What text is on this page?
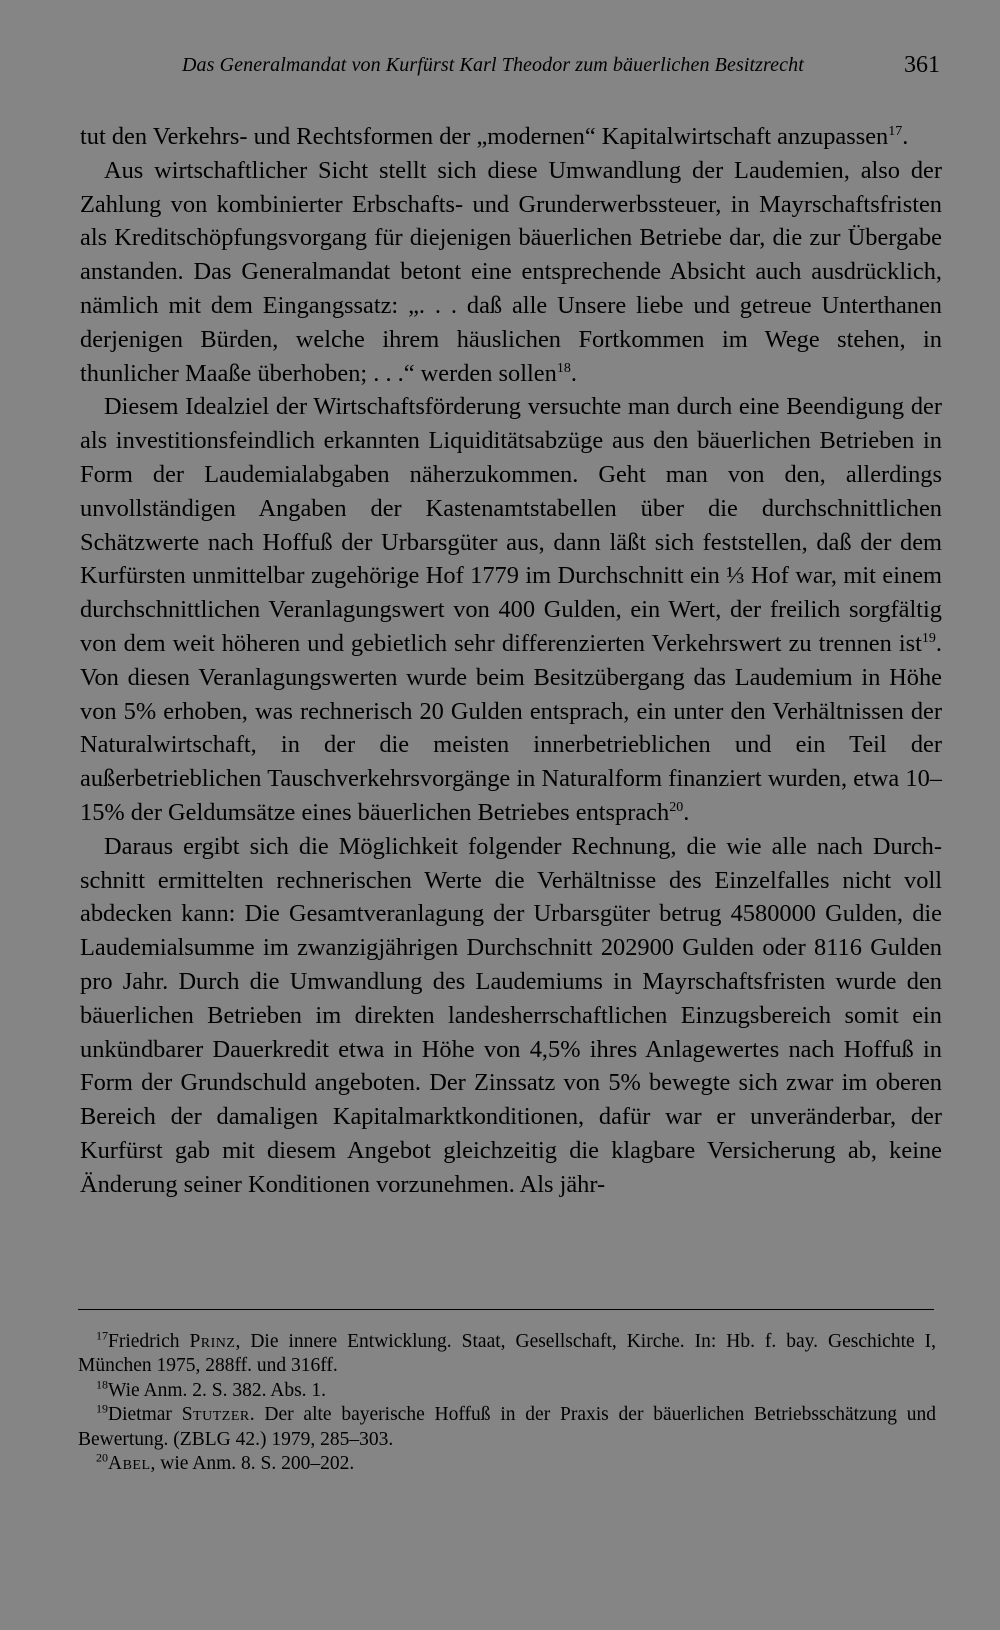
Das Generalmandat von Kurfürst Karl Theodor zum bäuerlichen Besitzrecht	361

tut den Verkehrs- und Rechtsformen der „modernen“ Kapitalwirtschaft anzupassen$^{17}$.

Aus wirtschaftlicher Sicht stellt sich diese Umwandlung der Laudemien, also der Zahlung von kombinierter Erbschafts- und Grunderwerbssteuer, in Mayrschaftsfristen als Kreditschöpfungsvorgang für diejenigen bäuerlichen Betriebe dar, die zur Übergabe anstanden. Das Generalmandat betont eine entsprechende Absicht auch ausdrücklich, nämlich mit dem Eingangssatz: „. . . daß alle Unsere liebe und getreue Unterthanen derjenigen Bürden, welche ihrem häuslichen Fortkommen im Wege stehen, in thunlicher Maaße überhoben; . . .“ werden sollen$^{18}$.

Diesem Idealziel der Wirtschaftsförderung versuchte man durch eine Beendigung der als investitionsfeindlich erkannten Liquiditätsabzüge aus den bäuerlichen Betrieben in Form der Laudemialabgaben näherzukommen. Geht man von den, allerdings unvollständigen Angaben der Kastenamtstabellen über die durchschnittlichen Schätzwerte nach Hoffuß der Urbarsgüter aus, dann läßt sich feststellen, daß der dem Kurfürsten unmittelbar zugehörige Hof 1779 im Durchschnitt ein ⅓ Hof war, mit einem durchschnittlichen Veranlagungswert von 400 Gulden, ein Wert, der freilich sorgfältig von dem weit höheren und gebietlich sehr differenzierten Verkehrswert zu trennen ist$^{19}$. Von diesen Veranlagungswerten wurde beim Besitzübergang das Laudemium in Höhe von 5% erhoben, was rechnerisch 20 Gulden entsprach, ein unter den Verhältnissen der Naturalwirtschaft, in der die meisten innerbetrieblichen und ein Teil der außerbetrieblichen Tauschverkehrsvorgänge in Naturalform finanziert wurden, etwa 10–15% der Geldumsätze eines bäuerlichen Betriebes entsprach$^{20}$.

Daraus ergibt sich die Möglichkeit folgender Rechnung, die wie alle nach Durchschnitt ermittelten rechnerischen Werte die Verhältnisse des Einzelfalles nicht voll abdecken kann: Die Gesamtveranlagung der Urbarsgüter betrug 4580000 Gulden, die Laudemialsumme im zwanzigjährigen Durchschnitt 202900 Gulden oder 8116 Gulden pro Jahr. Durch die Umwandlung des Laudemiums in Mayrschaftsfristen wurde den bäuerlichen Betrieben im direkten landesherrschaftlichen Einzugsbereich somit ein unkündbarer Dauerkredit etwa in Höhe von 4,5% ihres Anlagewertes nach Hoffuß in Form der Grundschuld angeboten. Der Zinssatz von 5% bewegte sich zwar im oberen Bereich der damaligen Kapitalmarktkonditionen, dafür war er unveränderbar, der Kurfürst gab mit diesem Angebot gleichzeitig die klagbare Versicherung ab, keine Änderung seiner Konditionen vorzunehmen. Als jähr-

$^{17}$Friedrich Prinz, Die innere Entwicklung. Staat, Gesellschaft, Kirche. In: Hb. f. bay. Geschichte I, München 1975, 288ff. und 316ff.

$^{18}$Wie Anm. 2. S. 382. Abs. 1.

$^{19}$Dietmar Stutzer. Der alte bayerische Hoffuß in der Praxis der bäuerlichen Betriebsschätzung und Bewertung. (ZBLG 42.) 1979, 285–303.

$^{20}$Abel, wie Anm. 8. S. 200–202.
